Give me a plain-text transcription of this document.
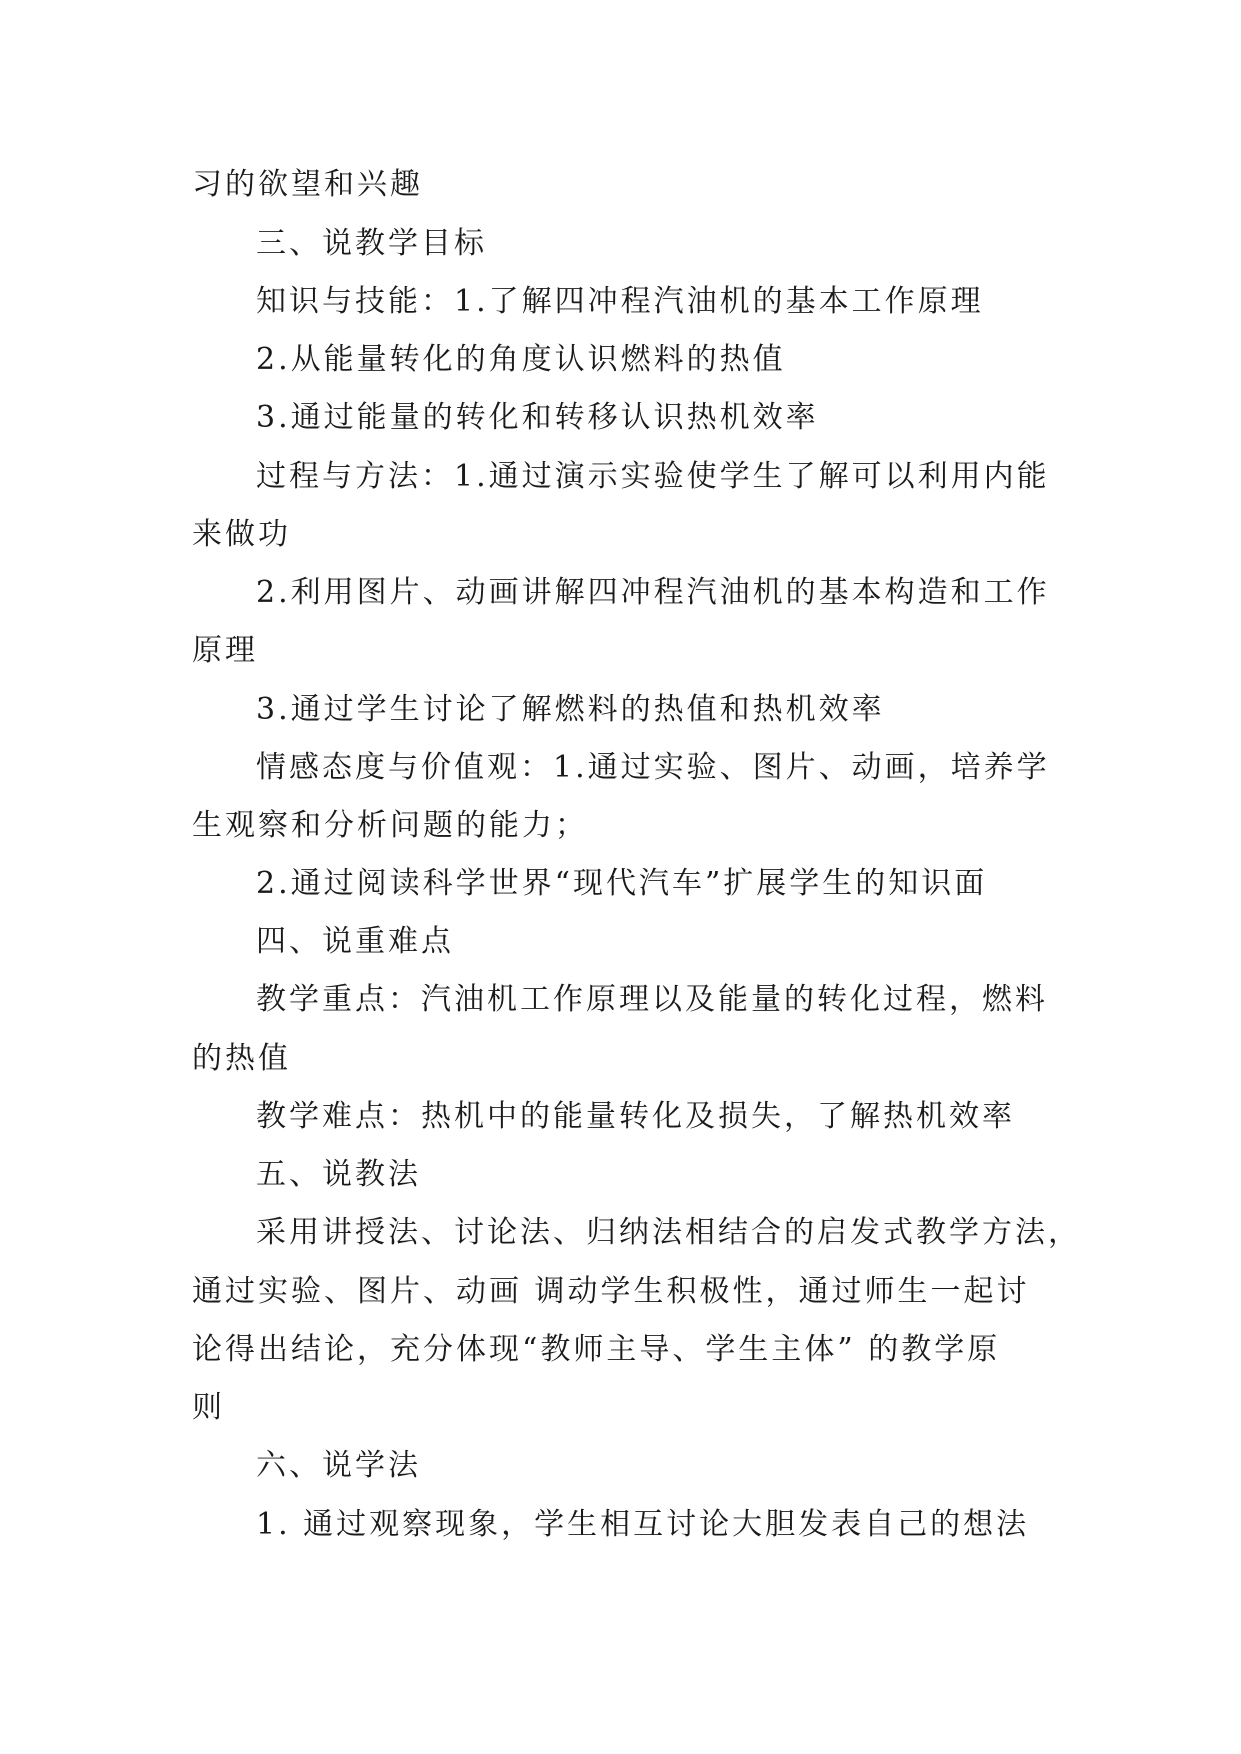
习的欲望和兴趣
三、说教学目标
知识与技能：1.了解四冲程汽油机的基本工作原理
2.从能量转化的角度认识燃料的热值
3.通过能量的转化和转移认识热机效率
过程与方法：1.通过演示实验使学生了解可以利用内能
来做功
2.利用图片、动画讲解四冲程汽油机的基本构造和工作
原理
3.通过学生讨论了解燃料的热值和热机效率
情感态度与价值观：1.通过实验、图片、动画，培养学
生观察和分析问题的能力；
2.通过阅读科学世界“现代汽车”扩展学生的知识面
四、说重难点
教学重点：汽油机工作原理以及能量的转化过程，燃料
的热值
教学难点：热机中的能量转化及损失，了解热机效率
五、说教法
采用讲授法、讨论法、归纳法相结合的启发式教学方法，
通过实验、图片、动画 调动学生积极性，通过师生一起讨
论得出结论，充分体现“教师主导、学生主体” 的教学原
则
六、说学法
1. 通过观察现象，学生相互讨论大胆发表自己的想法
